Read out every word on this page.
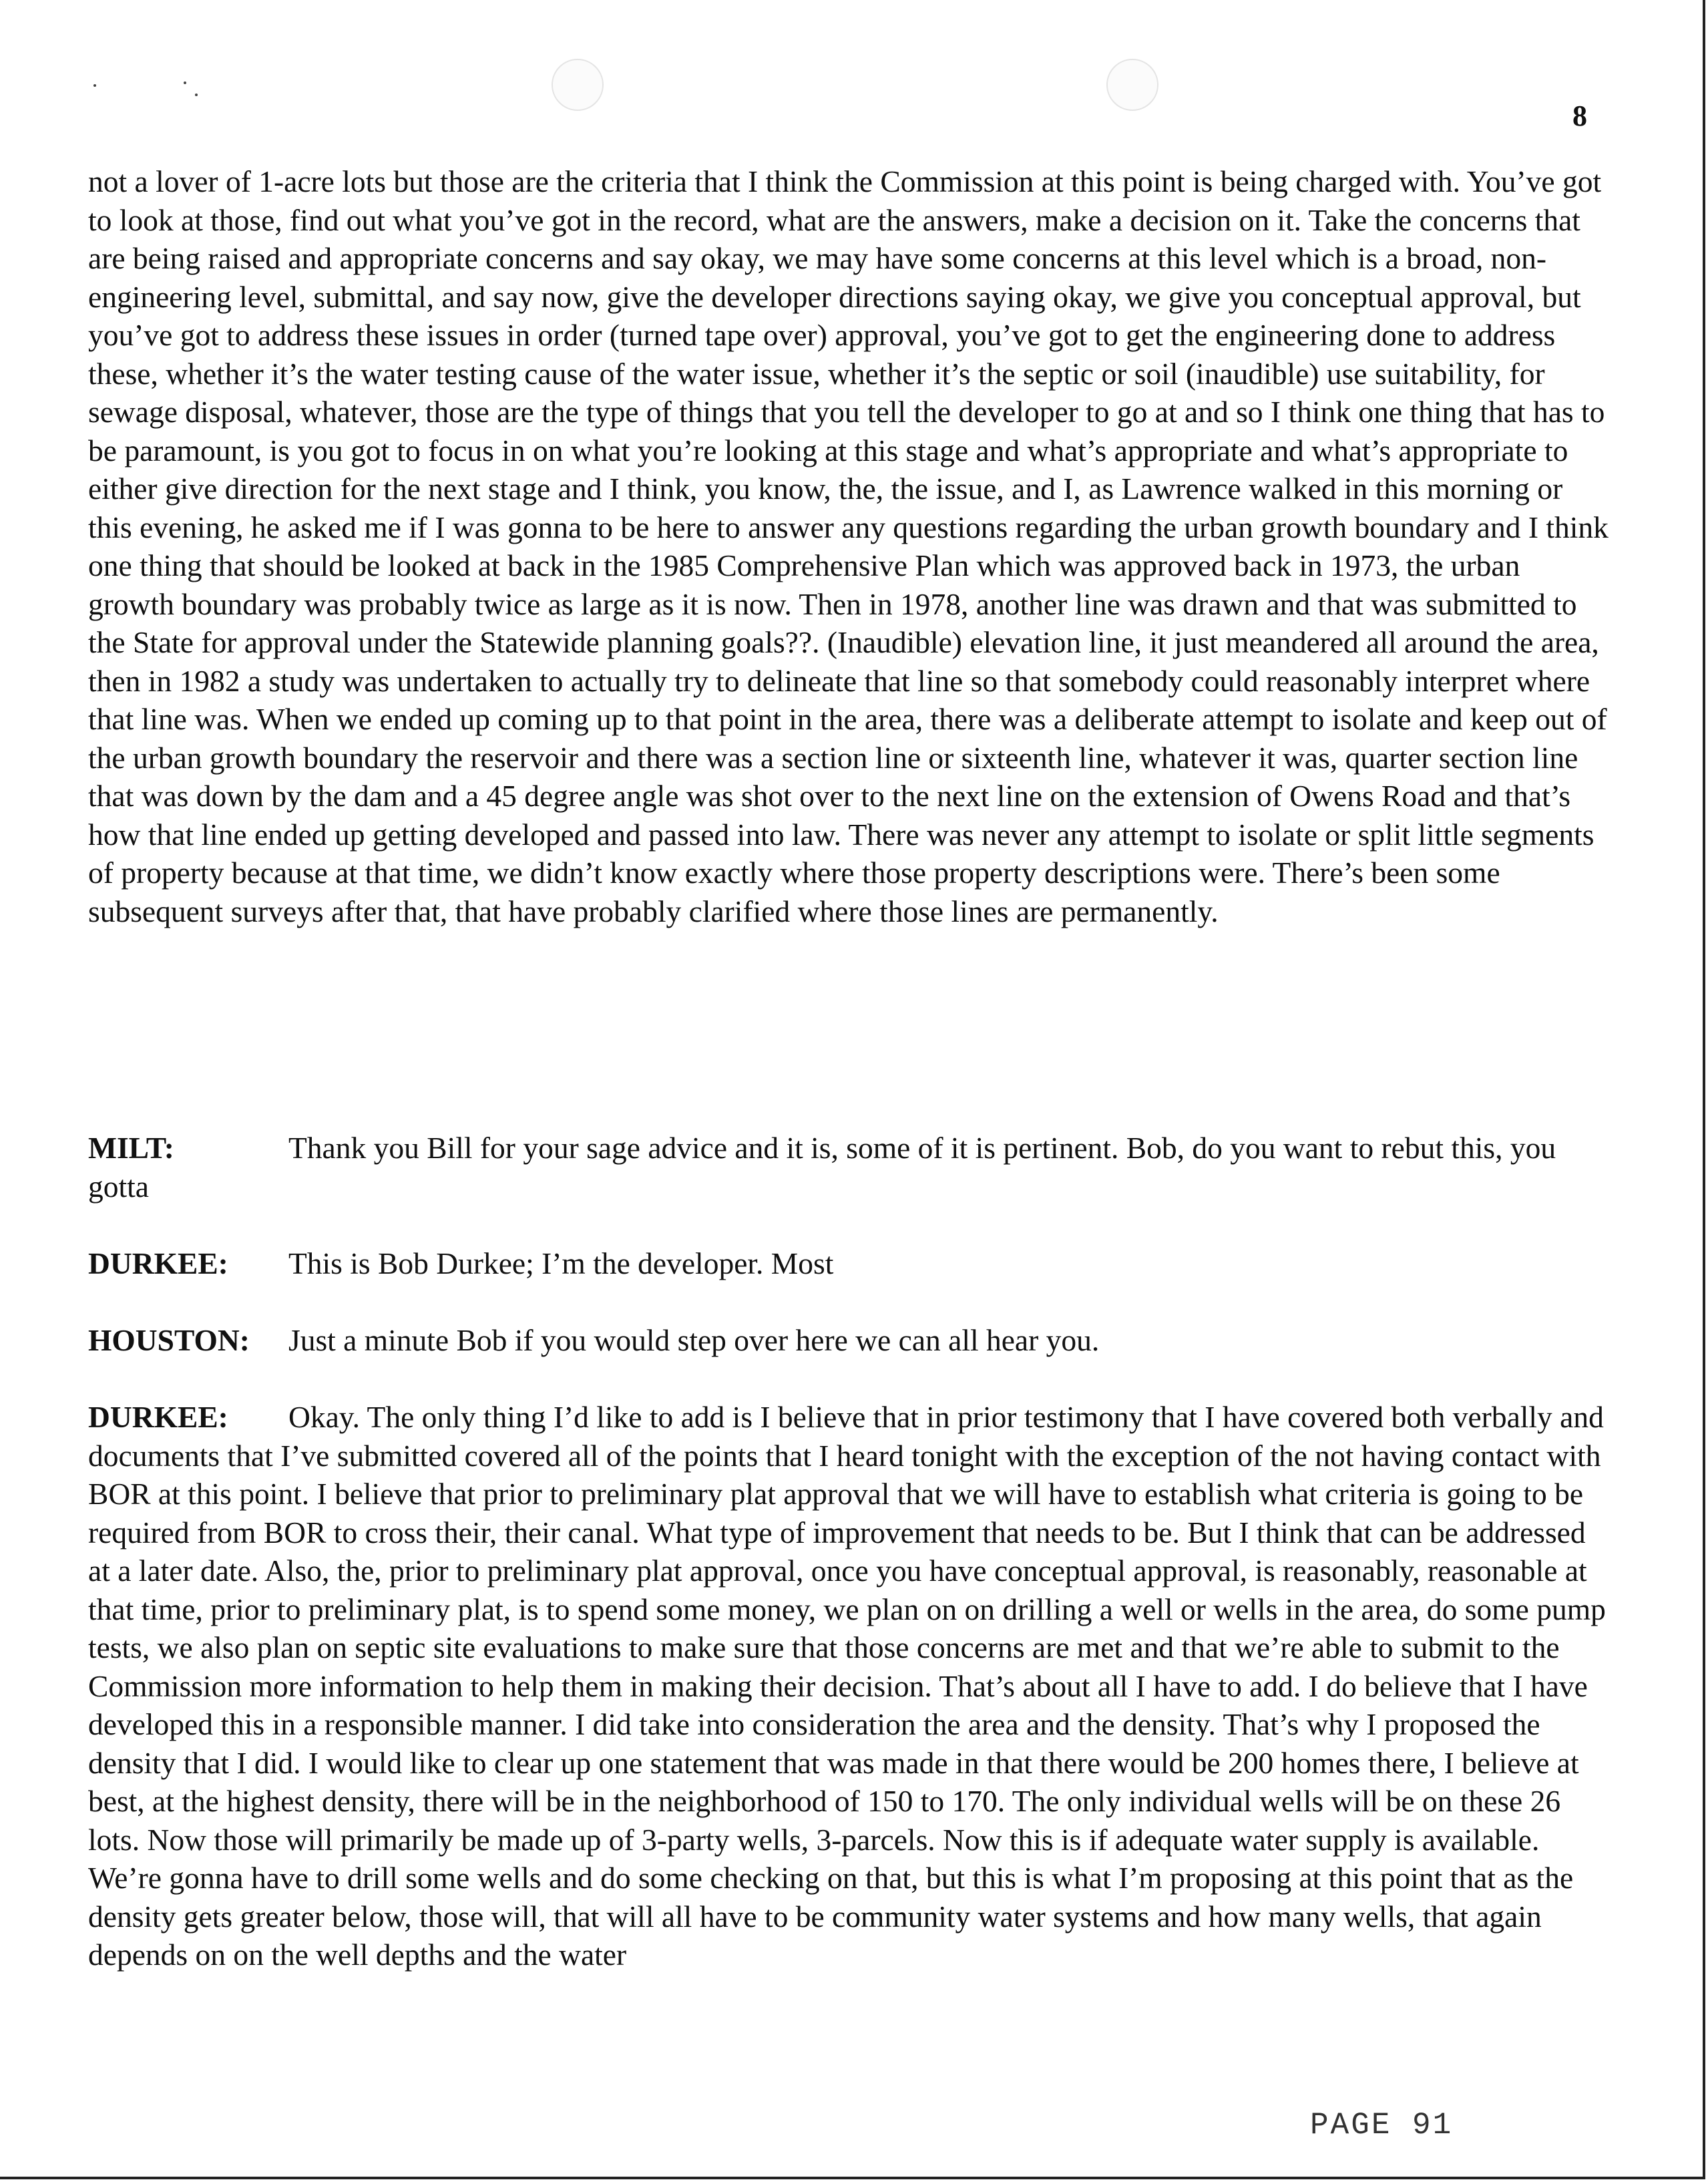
8

not a lover of 1-acre lots but those are the criteria that I think the Commission at this point is being charged with. You’ve got to look at those, find out what you’ve got in the record, what are the answers, make a decision on it. Take the concerns that are being raised and appropriate concerns and say okay, we may have some concerns at this level which is a broad, non-engineering level, submittal, and say now, give the developer directions saying okay, we give you conceptual approval, but you’ve got to address these issues in order (turned tape over) approval, you’ve got to get the engineering done to address these, whether it’s the water testing cause of the water issue, whether it’s the septic or soil (inaudible) use suitability, for sewage disposal, whatever, those are the type of things that you tell the developer to go at and so I think one thing that has to be paramount, is you got to focus in on what you’re looking at this stage and what’s appropriate and what’s appropriate to either give direction for the next stage and I think, you know, the, the issue, and I, as Lawrence walked in this morning or this evening, he asked me if I was gonna to be here to answer any questions regarding the urban growth boundary and I think one thing that should be looked at back in the 1985 Comprehensive Plan which was approved back in 1973, the urban growth boundary was probably twice as large as it is now. Then in 1978, another line was drawn and that was submitted to the State for approval under the Statewide planning goals??. (Inaudible) elevation line, it just meandered all around the area, then in 1982 a study was undertaken to actually try to delineate that line so that somebody could reasonably interpret where that line was. When we ended up coming up to that point in the area, there was a deliberate attempt to isolate and keep out of the urban growth boundary the reservoir and there was a section line or sixteenth line, whatever it was, quarter section line that was down by the dam and a 45 degree angle was shot over to the next line on the extension of Owens Road and that’s how that line ended up getting developed and passed into law. There was never any attempt to isolate or split little segments of property because at that time, we didn’t know exactly where those property descriptions were. There’s been some subsequent surveys after that, that have probably clarified where those lines are permanently.

MILT:	Thank you Bill for your sage advice and it is, some of it is pertinent. Bob, do you want to rebut this, you gotta

DURKEE: This is Bob Durkee; I’m the developer. Most

HOUSTON: Just a minute Bob if you would step over here we can all hear you.

DURKEE: Okay. The only thing I’d like to add is I believe that in prior testimony that I have covered both verbally and documents that I’ve submitted covered all of the points that I heard tonight with the exception of the not having contact with BOR at this point. I believe that prior to preliminary plat approval that we will have to establish what criteria is going to be required from BOR to cross their, their canal. What type of improvement that needs to be. But I think that can be addressed at a later date. Also, the, prior to preliminary plat approval, once you have conceptual approval, is reasonably, reasonable at that time, prior to preliminary plat, is to spend some money, we plan on on drilling a well or wells in the area, do some pump tests, we also plan on septic site evaluations to make sure that those concerns are met and that we’re able to submit to the Commission more information to help them in making their decision. That’s about all I have to add. I do believe that I have developed this in a responsible manner. I did take into consideration the area and the density. That’s why I proposed the density that I did. I would like to clear up one statement that was made in that there would be 200 homes there, I believe at best, at the highest density, there will be in the neighborhood of 150 to 170. The only individual wells will be on these 26 lots. Now those will primarily be made up of 3-party wells, 3-parcels. Now this is if adequate water supply is available. We’re gonna have to drill some wells and do some checking on that, but this is what I’m proposing at this point that as the density gets greater below, those will, that will all have to be community water systems and how many wells, that again depends on on the well depths and the water

PAGE 91
